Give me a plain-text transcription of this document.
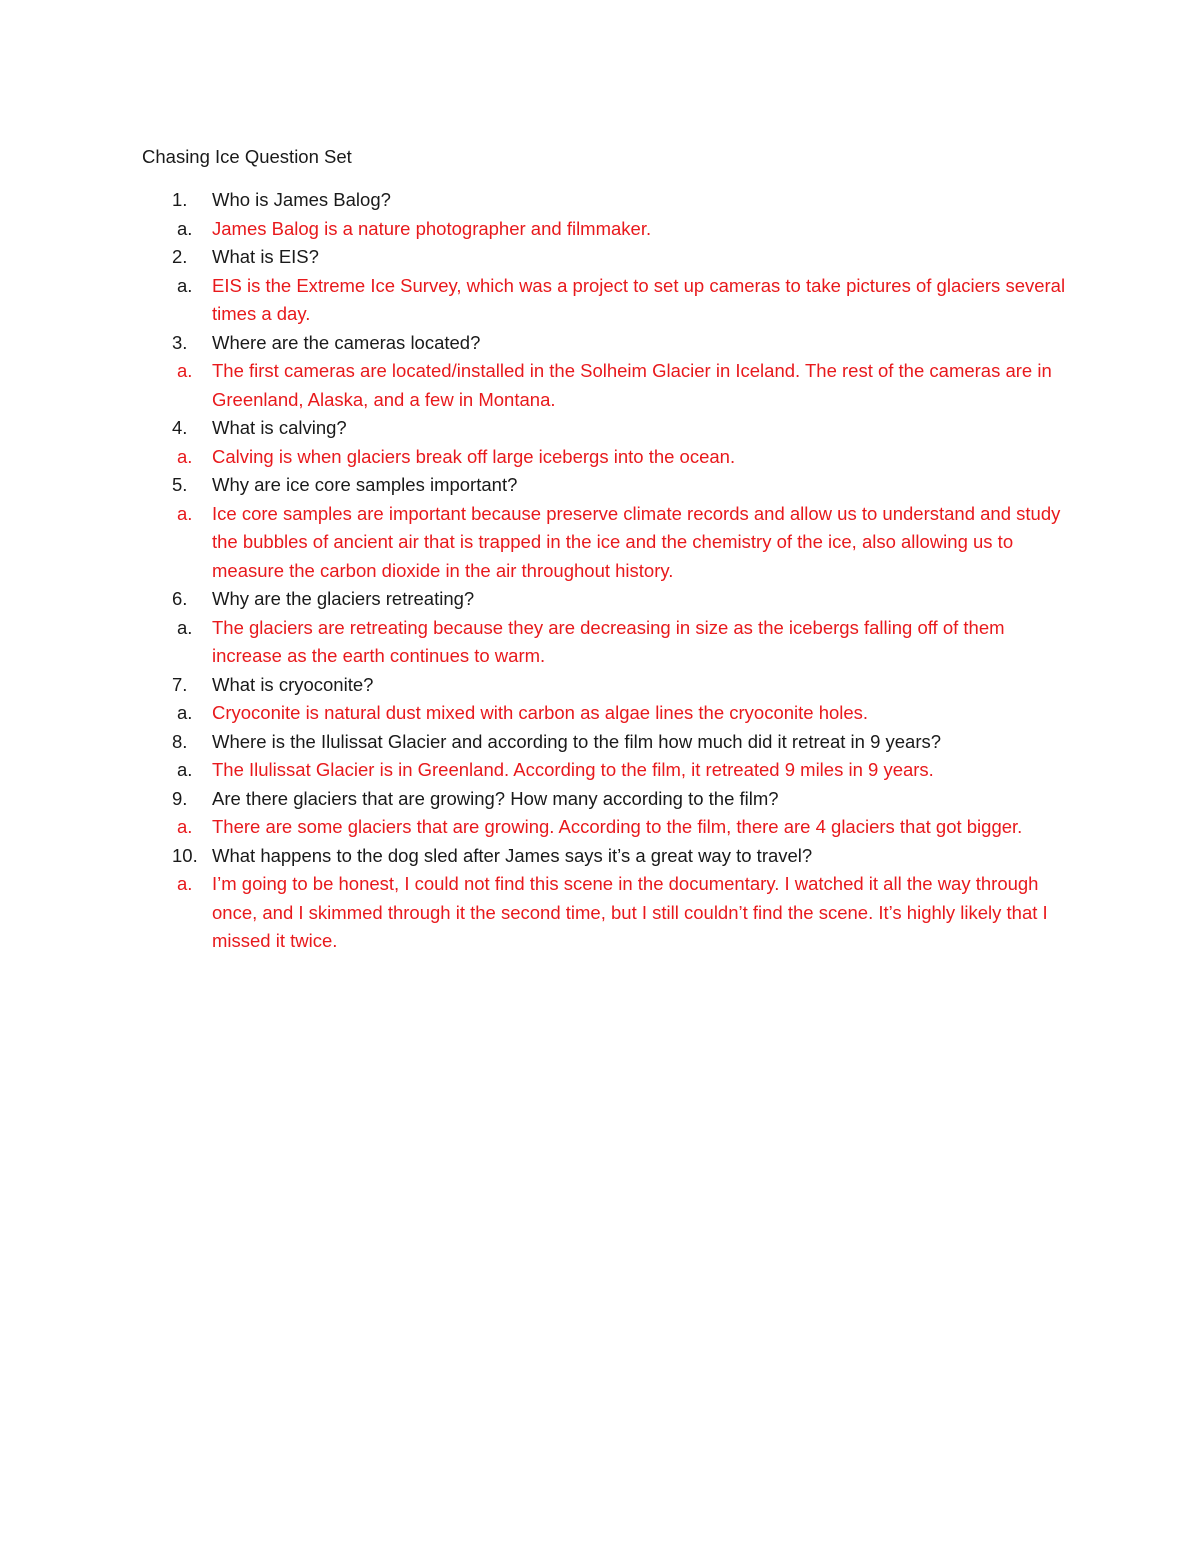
Chasing Ice Question Set
1. Who is James Balog?
a. James Balog is a nature photographer and filmmaker.
2. What is EIS?
a. EIS is the Extreme Ice Survey, which was a project to set up cameras to take pictures of glaciers several times a day.
3. Where are the cameras located?
a. The first cameras are located/installed in the Solheim Glacier in Iceland. The rest of the cameras are in Greenland, Alaska, and a few in Montana.
4. What is calving?
a. Calving is when glaciers break off large icebergs into the ocean.
5. Why are ice core samples important?
a. Ice core samples are important because preserve climate records and allow us to understand and study the bubbles of ancient air that is trapped in the ice and the chemistry of the ice, also allowing us to measure the carbon dioxide in the air throughout history.
6. Why are the glaciers retreating?
a. The glaciers are retreating because they are decreasing in size as the icebergs falling off of them increase as the earth continues to warm.
7. What is cryoconite?
a. Cryoconite is natural dust mixed with carbon as algae lines the cryoconite holes.
8. Where is the Ilulissat Glacier and according to the film how much did it retreat in 9 years?
a. The Ilulissat Glacier is in Greenland. According to the film, it retreated 9 miles in 9 years.
9. Are there glaciers that are growing? How many according to the film?
a. There are some glaciers that are growing. According to the film, there are 4 glaciers that got bigger.
10. What happens to the dog sled after James says it’s a great way to travel?
a. I’m going to be honest, I could not find this scene in the documentary. I watched it all the way through once, and I skimmed through it the second time, but I still couldn’t find the scene. It’s highly likely that I missed it twice.
